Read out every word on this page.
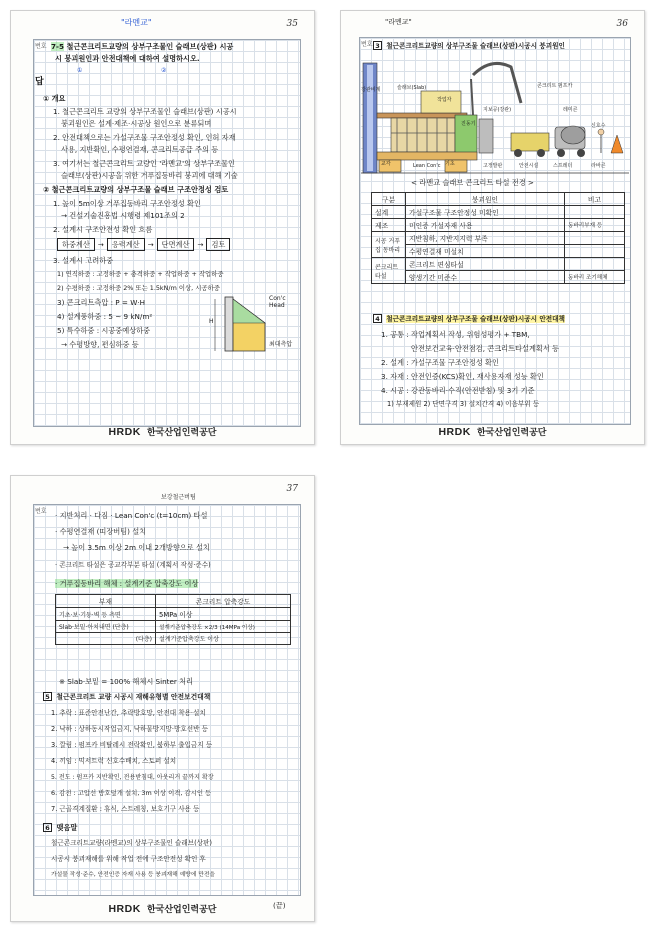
35
"라멘교"
번호 7-5 철근콘크리트교량의 상부구조물인 슬래브(상판) 시공
시 붕괴원인과 안전대책에 대하여 설명하시오.
①	②
답
① 개요
1. 철근콘크리트 교량의 상부구조물인 슬래브(상판) 시공시
붕괴원인은 설계·제조·시공상 원인으로 분류되며
2. 안전대책으로는 가설구조물 구조안정성 확인, 인허 자재
사용, 지반확인, 수평연결재, 콘크리트공급 주의 등
3. 여기서는 철근콘크리트 교량인 '라멘교'의 상부구조물인
슬래브(상판)시공을 위한 거푸집동바리 붕괴에 대해 기술
② 철근콘크리트교량의 상부구조물 슬래브 구조안정성 검토
1. 높이 5m이상 거푸집동바리 구조안정성 확인
→ 건설기술진흥법 시행령 제101조의 2
2. 설계시 구조안전성 확인 흐름
하중계산	→	응력계산	→	단면계산	→	검토
3. 설계시 고려하중
1) 연직하중 : 고정하중 + 충격하중 + 작업하중 + 작업하중
2) 수평하중 : 고정하중 2% 또는 1.5kN/m 이상, 시공하중
3) 콘크리트측압 : P = W·H
4) 설계풍하중 : 5 ~ 9 kN/m²
5) 특수하중 : 시공중예상하중
→ 수평방향, 편심하중 등
H
Con'c Head
최대측압
HRDK 한국산업인력공단
36
"라멘교"
번호 3 철근콘크리트교량의 상부구조물 슬래브(상판)시공시 붕괴원인
강관비계	슬래브(Slab)
작업자
지보공(강관)
콘크리트 펌프카
레미콘
신호수
진동기
교각	Lean Con'c 기초	고정발판	안전시설	스프레더	라바콘
< 라멘교 슬래브 콘크리트 타설 전경 >
구분	붕괴원인	비고
설계	가설구조물 구조안정성 미확인	
제조	미인증 가설자재 사용	동바리부재 등
시공 거푸집 동바리	지반침하, 지반지지력 부족	
	수평연결재 미설치	
콘크리트 타설	콘크리트 편심타설	
	양생기간 미준수	동바리 조기해체
4 철근콘크리트교량의 상부구조물 슬래브(상판)시공시 안전대책
1. 공통 : 작업계획서 작성, 위험성평가 + TBM,
안전보건교육·안전점검, 콘크리트타설계획서 등
2. 설계 : 가설구조물 구조안정성 확인
3. 자재 : 안전인증(KCS)확인, 재사용자재 성능 확인
4. 시공 : 강관동바리·수직(안전받침) 및 3기 기준
1) 부재제원 2) 단면구격 3) 설치간격 4) 이음부위 등
HRDK 한국산업인력공단
37
보강철근버팀
번호 · 지반처리 · 다짐 · Lean Con'c (t=10cm) 타설
· 수평연결재 (띠장버팀) 설치
→ 높이 3.5m 이상 2m 이내 2개방향으로 설치
· 콘크리트 타설은 공교각부분 타설 (계획서 작성·준수)
· 거푸집동바리 해체 : 설계기준 압축강도 이상
부재	콘크리트 압축강도
기초·보·기둥·벽 등 측면	5MPa 이상
Slab·보밑·아치내면 (단층)	설계기준압축강도 ×2/3 (14MPa 이상)
(다층)	설계기준압축강도 이상
※ Slab·보밑 = 100% 해체시 Sinter 처리
5 철근콘크리트 교량 시공시 재해유형별 안전보건대책
1. 추락 : 표준안전난간, 추락방호망, 안전대 착용·설치
2. 낙하 : 상하동시작업금지, 낙하물방지망·방호선반 등
3. 깔림 : 펌프카 비탈레시 전락확인, 붐하부 출입금지 등
4. 끼임 : 믹서트럭 신호수배치, 스토퍼 설치
5. 전도 : 펌프카 지반확인, 전용받침대, 아웃리거 끝까지 확장
6. 감전 : 고압선 방호덮개 설치, 3m 이상 이격, 감시인 등
7. 근골격계질환 : 휴식, 스트레칭, 보호기구 사용 등
6 맺음말
철근콘크리트교량(라멘교)의 상부구조물인 슬래브(상판)
시공시 붕괴재해를 위해 작업 전에 구조안전성 확인 후
가설물 작성·준수, 안전인증 자재 사용 등 붕괴재해 예방에 만전을
(끝)
HRDK 한국산업인력공단
